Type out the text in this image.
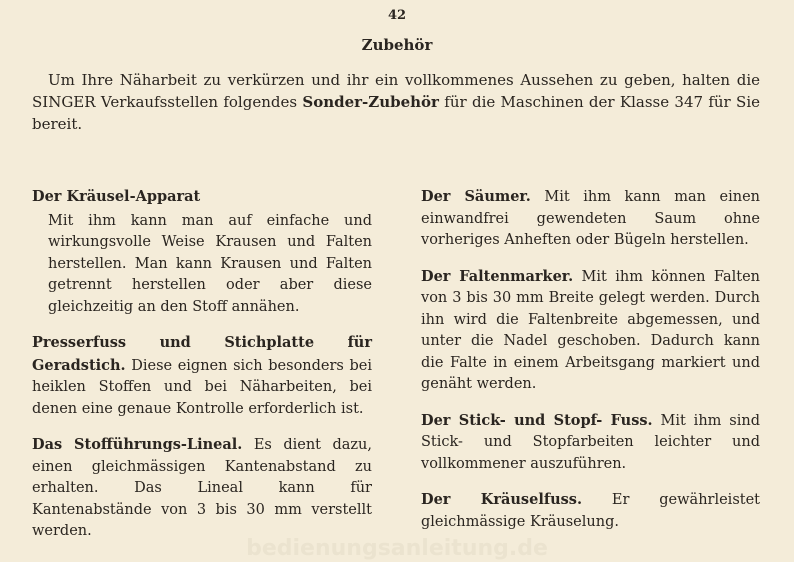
42
Zubehör
Um Ihre Näharbeit zu verkürzen und ihr ein vollkommenes Aussehen zu geben, halten die SINGER Verkaufsstellen folgendes Sonder-Zubehör für die Maschinen der Klasse 347 für Sie bereit.
Der Kräusel-Apparat
Mit ihm kann man auf einfache und wirkungsvolle Weise Krausen und Falten herstellen. Man kann Krausen und Falten getrennt herstellen oder aber diese gleichzeitig an den Stoff annähen.
Presserfuss und Stichplatte für Geradstich. Diese eignen sich besonders bei heiklen Stoffen und bei Näharbeiten, bei denen eine genaue Kontrolle erforderlich ist.
Das Stofführungs-Lineal. Es dient dazu, einen gleichmässigen Kantenabstand zu erhalten. Das Lineal kann für Kantenabstände von 3 bis 30 mm verstellt werden.
Der Säumer. Mit ihm kann man einen einwandfrei gewendeten Saum ohne vorheriges Anheften oder Bügeln herstellen.
Der Faltenmarker. Mit ihm können Falten von 3 bis 30 mm Breite gelegt werden. Durch ihn wird die Faltenbreite abgemessen, und unter die Nadel geschoben. Dadurch kann die Falte in einem Arbeitsgang markiert und genäht werden.
Der Stick- und Stopf- Fuss. Mit ihm sind Stick- und Stopfarbeiten leichter und vollkommener auszuführen.
Der Kräuselfuss. Er gewährleistet gleichmässige Kräuselung.
bedienungsanleitung.de
